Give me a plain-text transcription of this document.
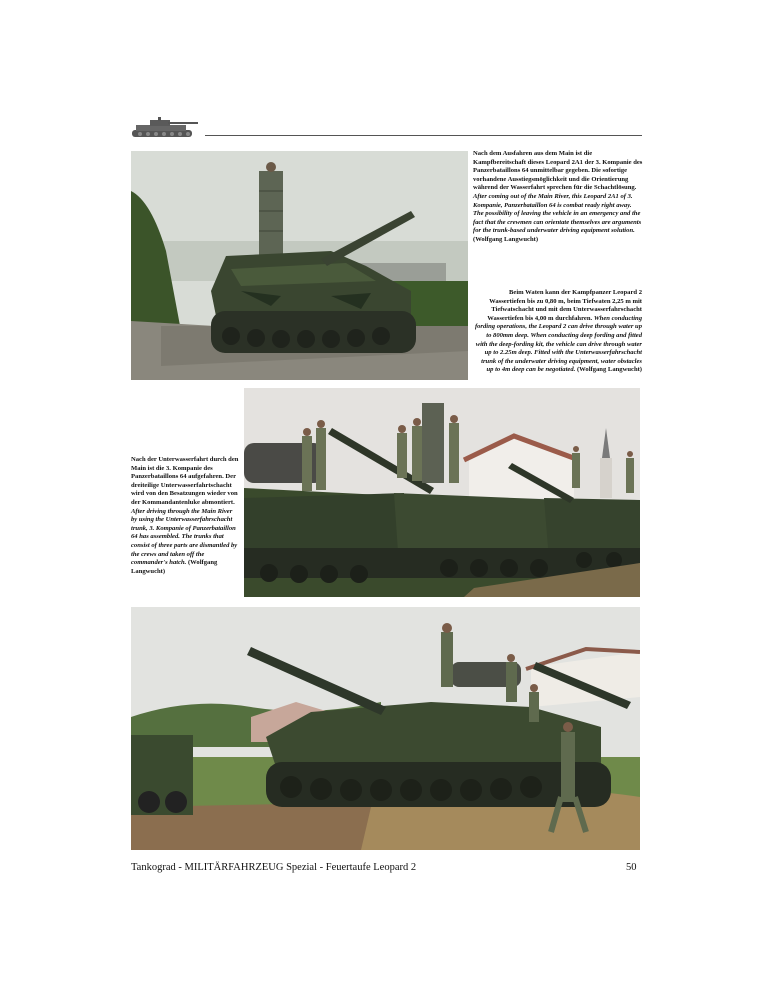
Nach dem Ausfahren aus dem Main ist die Kampfbereitschaft dieses Leopard 2A1 der 3. Kompanie des Panzerbataillons 64 unmittelbar gegeben. Die sofortige vorhandene Ausstiegsmöglichkeit und die Orientierung während der Wasserfahrt sprechen für die Schachtlösung. After coming out of the Main River, this Leopard 2A1 of 3. Kompanie, Panzerbataillon 64 is combat ready right away. The possibility of leaving the vehicle in an emergency and the fact that the crewmen can orientate themselves are arguments for the trunk-based underwater driving equipment solution. (Wolfgang Langwucht)
Beim Waten kann der Kampfpanzer Leopard 2 Wassertiefen bis zu 0,80 m, beim Tiefwaten 2,25 m mit Tiefwatschacht und mit dem Unterwasserfahrschacht Wassertiefen bis 4,00 m durchfahren. When conducting fording operations, the Leopard 2 can drive through water up to 800mm deep. When conducting deep fording and fitted with the deep-fording kit, the vehicle can drive through water up to 2.25m deep. Fitted with the Unterwasserfahrschacht trunk of the underwater driving equipment, water obstacles up to 4m deep can be negotiated. (Wolfgang Langwucht)
Nach der Unterwasserfahrt durch den Main ist die 3. Kompanie des Panzerbataillons 64 aufgefahren. Der dreiteilige Unterwasserfahrtschacht wird von den Besatzungen wieder von der Kommandantenluke abmontiert. After driving through the Main River by using the Unterwasserfahrschacht trunk, 3. Kompanie of Panzerbataillon 64 has assembled. The trunks that consist of three parts are dismantled by the crews and taken off the commander's hatch. (Wolfgang Langwucht)
Tankograd - MILITÄRFAHRZEUG Spezial - Feuertaufe Leopard 2	50
